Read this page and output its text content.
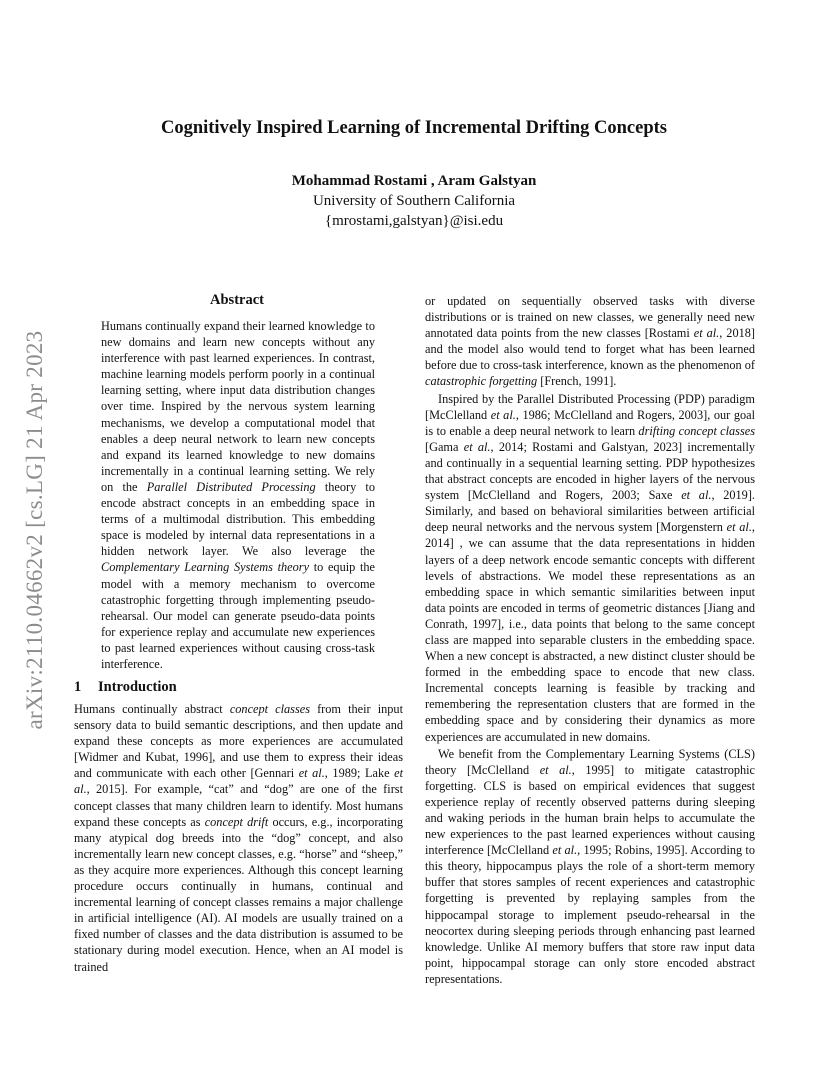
arXiv:2110.04662v2 [cs.LG] 21 Apr 2023
Cognitively Inspired Learning of Incremental Drifting Concepts
Mohammad Rostami , Aram Galstyan
University of Southern California
{mrostami,galstyan}@isi.edu
Abstract
Humans continually expand their learned knowledge to new domains and learn new concepts without any interference with past learned experiences. In contrast, machine learning models perform poorly in a continual learning setting, where input data distribution changes over time. Inspired by the nervous system learning mechanisms, we develop a computational model that enables a deep neural network to learn new concepts and expand its learned knowledge to new domains incrementally in a continual learning setting. We rely on the Parallel Distributed Processing theory to encode abstract concepts in an embedding space in terms of a multimodal distribution. This embedding space is modeled by internal data representations in a hidden network layer. We also leverage the Complementary Learning Systems theory to equip the model with a memory mechanism to overcome catastrophic forgetting through implementing pseudo-rehearsal. Our model can generate pseudo-data points for experience replay and accumulate new experiences to past learned experiences without causing cross-task interference.
1 Introduction

Humans continually abstract concept classes from their input sensory data to build semantic descriptions, and then update and expand these concepts as more experiences are accumulated [Widmer and Kubat, 1996], and use them to express their ideas and communicate with each other [Gennari et al., 1989; Lake et al., 2015]. For example, “cat” and “dog” are one of the first concept classes that many children learn to identify. Most humans expand these concepts as concept drift occurs, e.g., incorporating many atypical dog breeds into the “dog” concept, and also incrementally learn new concept classes, e.g. “horse” and “sheep,” as they acquire more experiences. Although this concept learning procedure occurs continually in humans, continual and incremental learning of concept classes remains a major challenge in artificial intelligence (AI). AI models are usually trained on a fixed number of classes and the data distribution is assumed to be stationary during model execution. Hence, when an AI model is trained

or updated on sequentially observed tasks with diverse distributions or is trained on new classes, we generally need new annotated data points from the new classes [Rostami et al., 2018] and the model also would tend to forget what has been learned before due to cross-task interference, known as the phenomenon of catastrophic forgetting [French, 1991].

Inspired by the Parallel Distributed Processing (PDP) paradigm [McClelland et al., 1986; McClelland and Rogers, 2003], our goal is to enable a deep neural network to learn drifting concept classes [Gama et al., 2014; Rostami and Galstyan, 2023] incrementally and continually in a sequential learning setting. PDP hypothesizes that abstract concepts are encoded in higher layers of the nervous system [McClelland and Rogers, 2003; Saxe et al., 2019]. Similarly, and based on behavioral similarities between artificial deep neural networks and the nervous system [Morgenstern et al., 2014] , we can assume that the data representations in hidden layers of a deep network encode semantic concepts with different levels of abstractions. We model these representations as an embedding space in which semantic similarities between input data points are encoded in terms of geometric distances [Jiang and Conrath, 1997], i.e., data points that belong to the same concept class are mapped into separable clusters in the embedding space. When a new concept is abstracted, a new distinct cluster should be formed in the embedding space to encode that new class. Incremental concepts learning is feasible by tracking and remembering the representation clusters that are formed in the embedding space and by considering their dynamics as more experiences are accumulated in new domains.

We benefit from the Complementary Learning Systems (CLS) theory [McClelland et al., 1995] to mitigate catastrophic forgetting. CLS is based on empirical evidences that suggest experience replay of recently observed patterns during sleeping and waking periods in the human brain helps to accumulate the new experiences to the past learned experiences without causing interference [McClelland et al., 1995; Robins, 1995]. According to this theory, hippocampus plays the role of a short-term memory buffer that stores samples of recent experiences and catastrophic forgetting is prevented by replaying samples from the hippocampal storage to implement pseudo-rehearsal in the neocortex during sleeping periods through enhancing past learned knowledge. Unlike AI memory buffers that store raw input data point, hippocampal storage can only store encoded abstract representations.
